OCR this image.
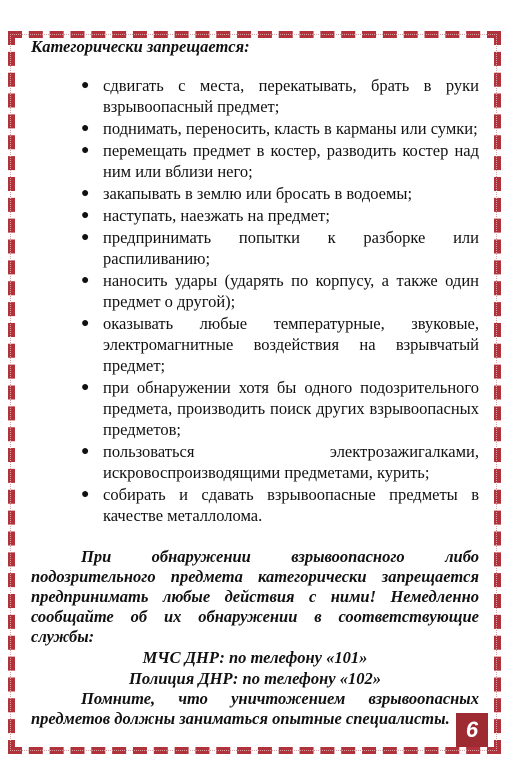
Категорически запрещается:
● сдвигать с места, перекатывать, брать в руки взрывоопасный предмет;
● поднимать, переносить, класть в карманы или сумки;
● перемещать предмет в костер, разводить костер над ним или вблизи него;
● закапывать в землю или бросать в водоемы;
● наступать, наезжать на предмет;
● предпринимать попытки к разборке или распиливанию;
● наносить удары (ударять по корпусу, а также один предмет о другой);
● оказывать любые температурные, звуковые, электромагнитные воздействия на взрывчатый предмет;
● при обнаружении хотя бы одного подозрительного предмета, производить поиск других взрывоопасных предметов;
● пользоваться электрозажигалками, искровоспроизводящими предметами, курить;
● собирать и сдавать взрывоопасные предметы в качестве металлолома.
При обнаружении взрывоопасного либо подозрительного предмета категорически запрещается предпринимать любые действия с ними! Немедленно сообщайте об их обнаружении в соответствующие службы:
МЧС ДНР: по телефону «101»
Полиция ДНР: по телефону «102»
Помните, что уничтожением взрывоопасных предметов должны заниматься опытные специалисты. 6
